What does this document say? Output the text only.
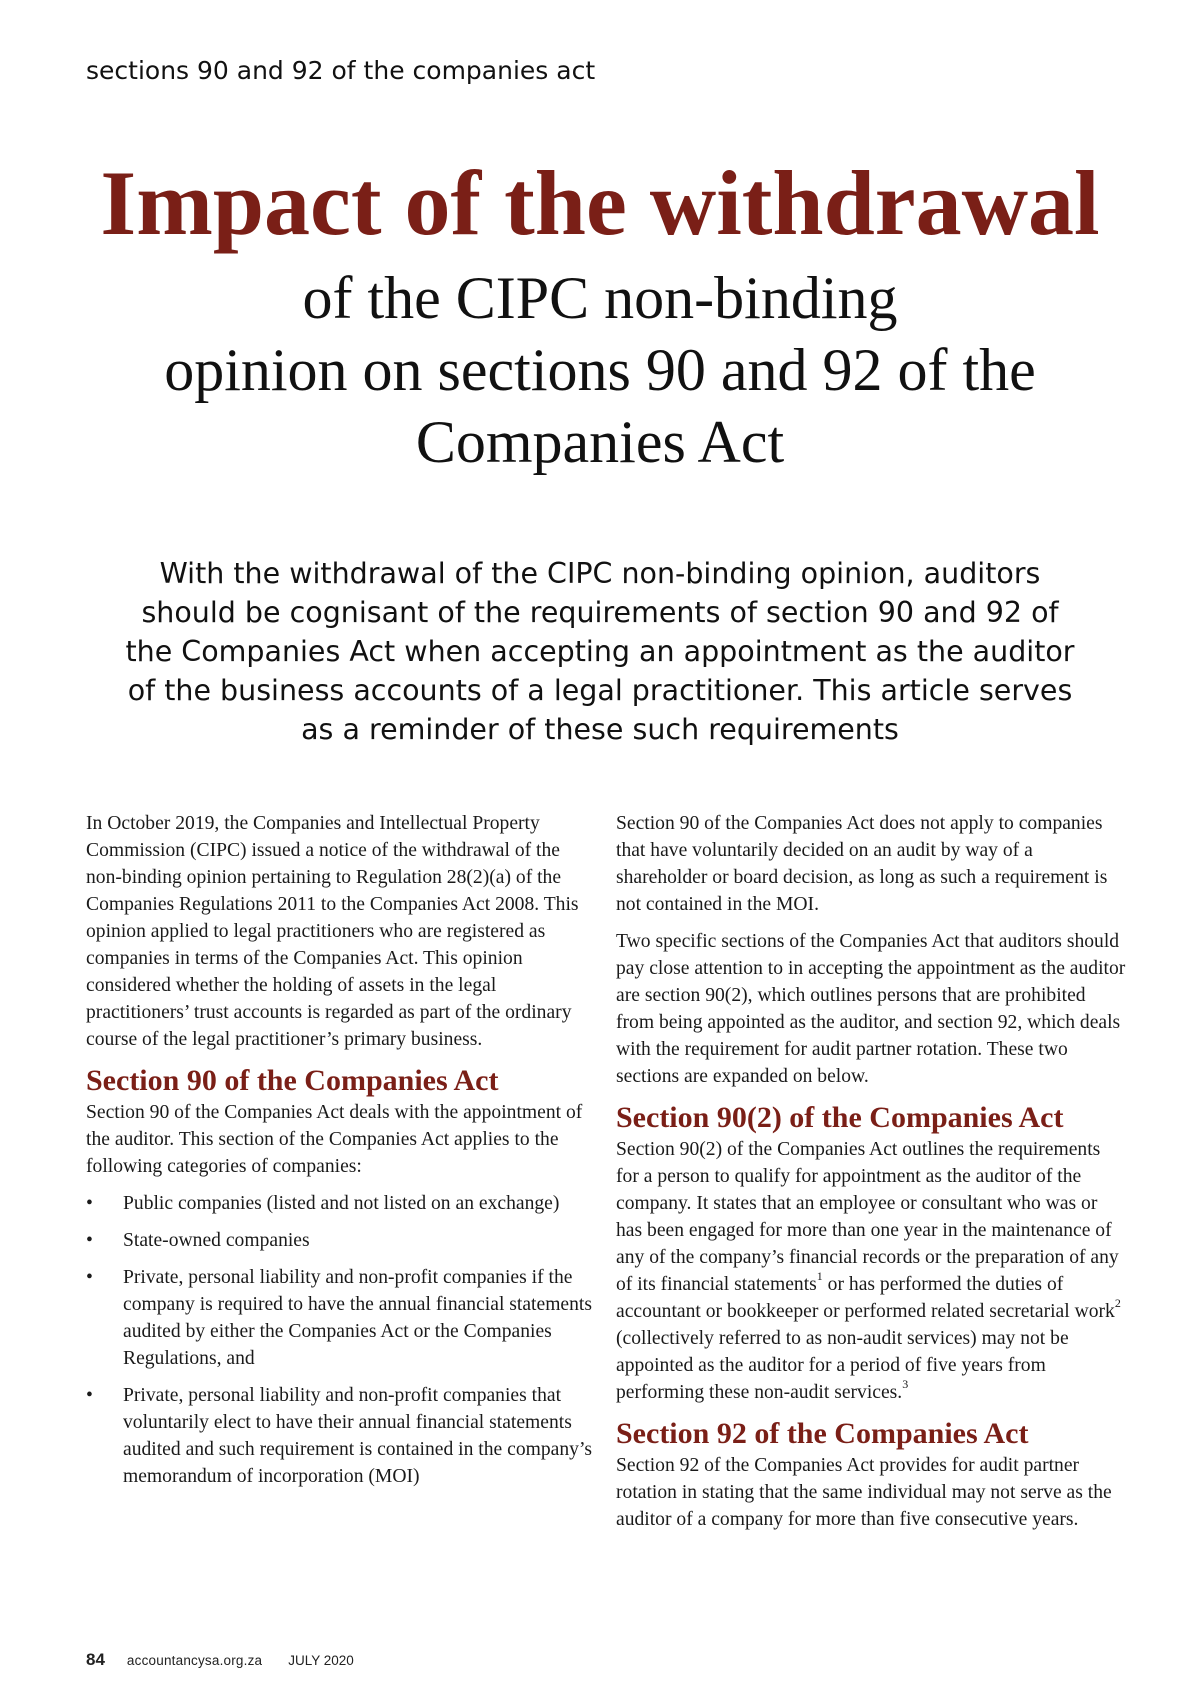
sections 90 and 92 of the companies act

Impact of the withdrawal
of the CIPC non-binding
opinion on sections 90 and 92 of the
Companies Act
With the withdrawal of the CIPC non-binding opinion, auditors
should be cognisant of the requirements of section 90 and 92 of
the Companies Act when accepting an appointment as the auditor
of the business accounts of a legal practitioner. This article serves
as a reminder of these such requirements

In October 2019, the Companies and Intellectual Property Commission (CIPC) issued a notice of the withdrawal of the non-binding opinion pertaining to Regulation 28(2)(a) of the Companies Regulations 2011 to the Companies Act 2008. This opinion applied to legal practitioners who are registered as companies in terms of the Companies Act. This opinion considered whether the holding of assets in the legal practitioners’ trust accounts is regarded as part of the ordinary course of the legal practitioner’s primary business.

Section 90 of the Companies Act

Section 90 of the Companies Act deals with the appointment of the auditor. This section of the Companies Act applies to the following categories of companies:

• Public companies (listed and not listed on an exchange)
• State-owned companies
• Private, personal liability and non-profit companies if the company is required to have the annual financial statements audited by either the Companies Act or the Companies Regulations, and
• Private, personal liability and non-profit companies that voluntarily elect to have their annual financial statements audited and such requirement is contained in the company’s memorandum of incorporation (MOI)

Section 90 of the Companies Act does not apply to companies that have voluntarily decided on an audit by way of a shareholder or board decision, as long as such a requirement is not contained in the MOI.

Two specific sections of the Companies Act that auditors should pay close attention to in accepting the appointment as the auditor are section 90(2), which outlines persons that are prohibited from being appointed as the auditor, and section 92, which deals with the requirement for audit partner rotation. These two sections are expanded on below.

Section 90(2) of the Companies Act

Section 90(2) of the Companies Act outlines the requirements for a person to qualify for appointment as the auditor of the company. It states that an employee or consultant who was or has been engaged for more than one year in the maintenance of any of the company’s financial records or the preparation of any of its financial statements$^1$ or has performed the duties of accountant or bookkeeper or performed related secretarial work$^2$ (collectively referred to as non-audit services) may not be appointed as the auditor for a period of five years from performing these non-audit services.$^3$

Section 92 of the Companies Act

Section 92 of the Companies Act provides for audit partner rotation in stating that the same individual may not serve as the auditor of a company for more than five consecutive years.

84 accountancysa.org.za JULY 2020
